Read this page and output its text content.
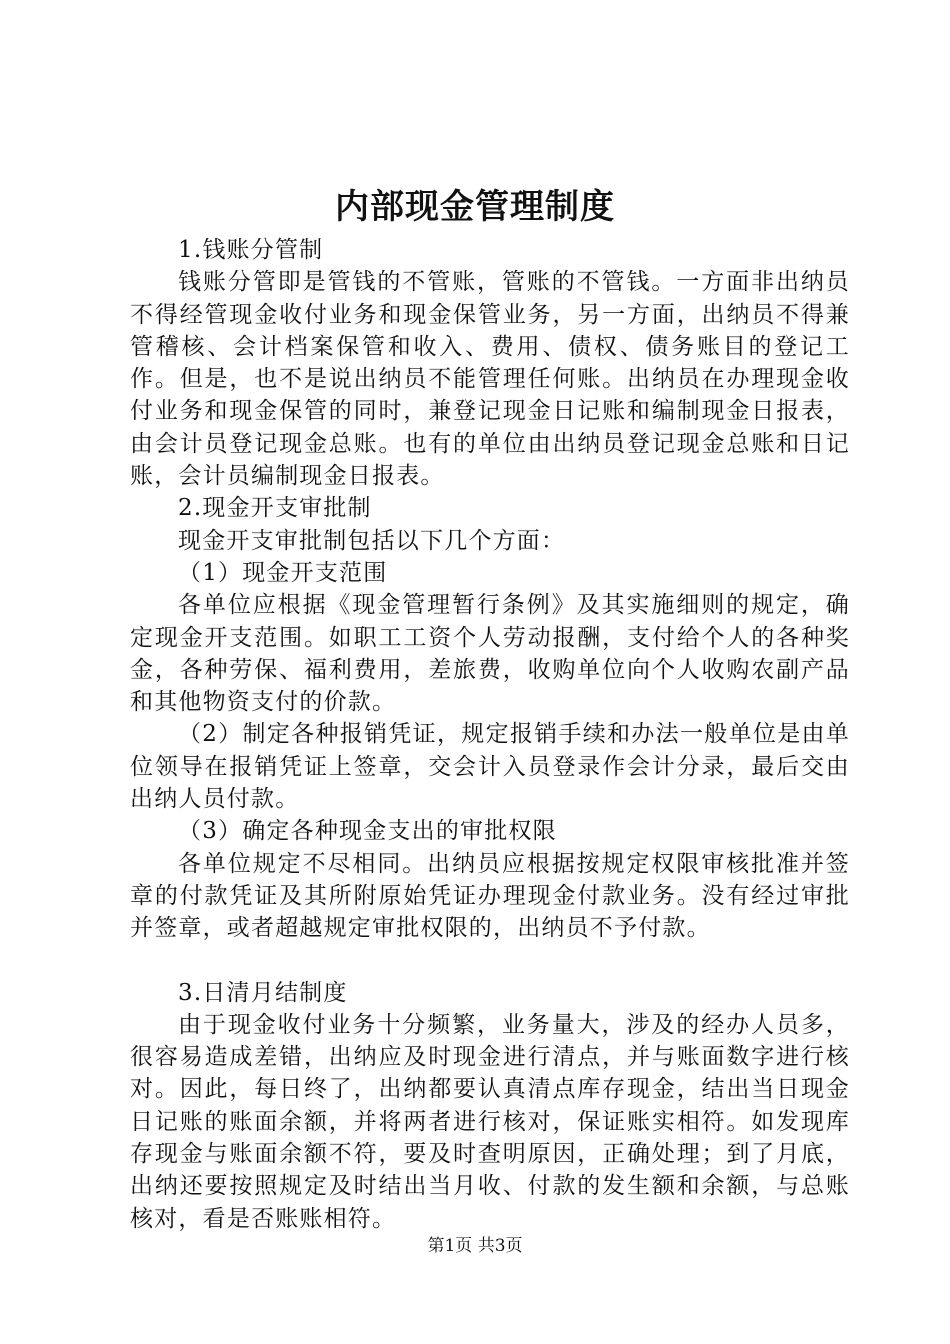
内部现金管理制度

1.钱账分管制

钱账分管即是管钱的不管账，管账的不管钱。一方面非出纳员不得经管现金收付业务和现金保管业务，另一方面，出纳员不得兼管稽核、会计档案保管和收入、费用、债权、债务账目的登记工作。但是，也不是说出纳员不能管理任何账。出纳员在办理现金收付业务和现金保管的同时，兼登记现金日记账和编制现金日报表，由会计员登记现金总账。也有的单位由出纳员登记现金总账和日记账，会计员编制现金日报表。

2.现金开支审批制

现金开支审批制包括以下几个方面：

（1）现金开支范围

各单位应根据《现金管理暂行条例》及其实施细则的规定，确定现金开支范围。如职工工资个人劳动报酬，支付给个人的各种奖金，各种劳保、福利费用，差旅费，收购单位向个人收购农副产品和其他物资支付的价款。

（2）制定各种报销凭证，规定报销手续和办法一般单位是由单位领导在报销凭证上签章，交会计入员登录作会计分录，最后交由出纳人员付款。

（3）确定各种现金支出的审批权限

各单位规定不尽相同。出纳员应根据按规定权限审核批准并签章的付款凭证及其所附原始凭证办理现金付款业务。没有经过审批并签章，或者超越规定审批权限的，出纳员不予付款。

3.日清月结制度

由于现金收付业务十分频繁，业务量大，涉及的经办人员多，很容易造成差错，出纳应及时现金进行清点，并与账面数字进行核对。因此，每日终了，出纳都要认真清点库存现金，结出当日现金日记账的账面余额，并将两者进行核对，保证账实相符。如发现库存现金与账面余额不符，要及时查明原因，正确处理；到了月底，出纳还要按照规定及时结出当月收、付款的发生额和余额，与总账核对，看是否账账相符。

第1页 共3页
